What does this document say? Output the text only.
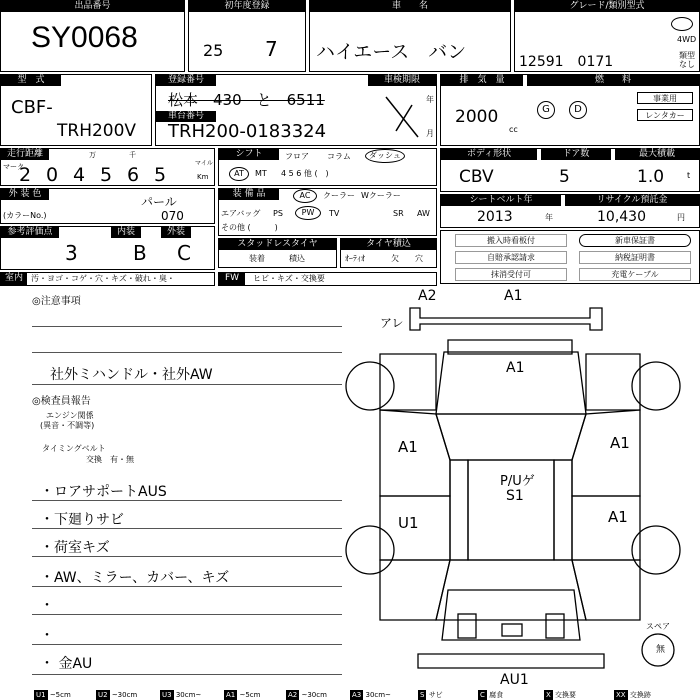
出品番号
SY0068
初年度登録
25 7
車　　名
ハイエース　バン
グレード/類別型式
12591　0171
4WD
類型
なし
型　式
CBF-
TRH200V
登録番号
松本　430　と　6511
車台番号
TRH200-0183324
車検期限
年
月
排　気　量
2000
cc
燃　　料
G	D
事業用
レンタカー
走行距離
マーク
万	千
2 0 4 5 6 5
マイル
Km
シフト	フロア コラム ダッシュ
AT	MT 4 5 6 他 (　)
ボディ形状
CBV
ドア数
5
最大積載
1.0	t
外 装 色
パール
(カラーNo.)	070
装 備 品	AC	クーラー Wクーラー
エアバッグ PS	PW	TV	SR AW
その他 (　　　)
シートベルト年
2013	年
リサイクル預託金
10,430	円
参考評価点	内装	外装
3	B C	スタッドレスタイヤ
装着	積込
タイヤ積込
ｵｰﾃｨｵ	欠 穴
搬入時看板付	新車保証書
自賠承認請求	納税証明書
抹消受付可	充電ケーブル
室内	汚・ヨゴ・コゲ・穴・キズ・破れ・臭・	FW	ヒビ・キズ・交換要
◎注意事項
社外ミハンドル・社外AW
◎検査員報告
エンジン関係
(異音・不調等)
タイミングベルト
交換　有・無
・ロアサポートAUS
・下廻りサビ
・荷室キズ
・AW、ミラー、カバー、キズ
・
・
・ 金AU
A2	A1
アレ
A1
A1	A1
P/Uゲ
S1
U1	A1
AU1
スペア
無
U1 ~5cm	U2 ~30cm	U3 30cm~	A1 ~5cm	A2 ~30cm	A3 30cm~	S サビ	C 腐食	X 交換要	XX 交換跡
